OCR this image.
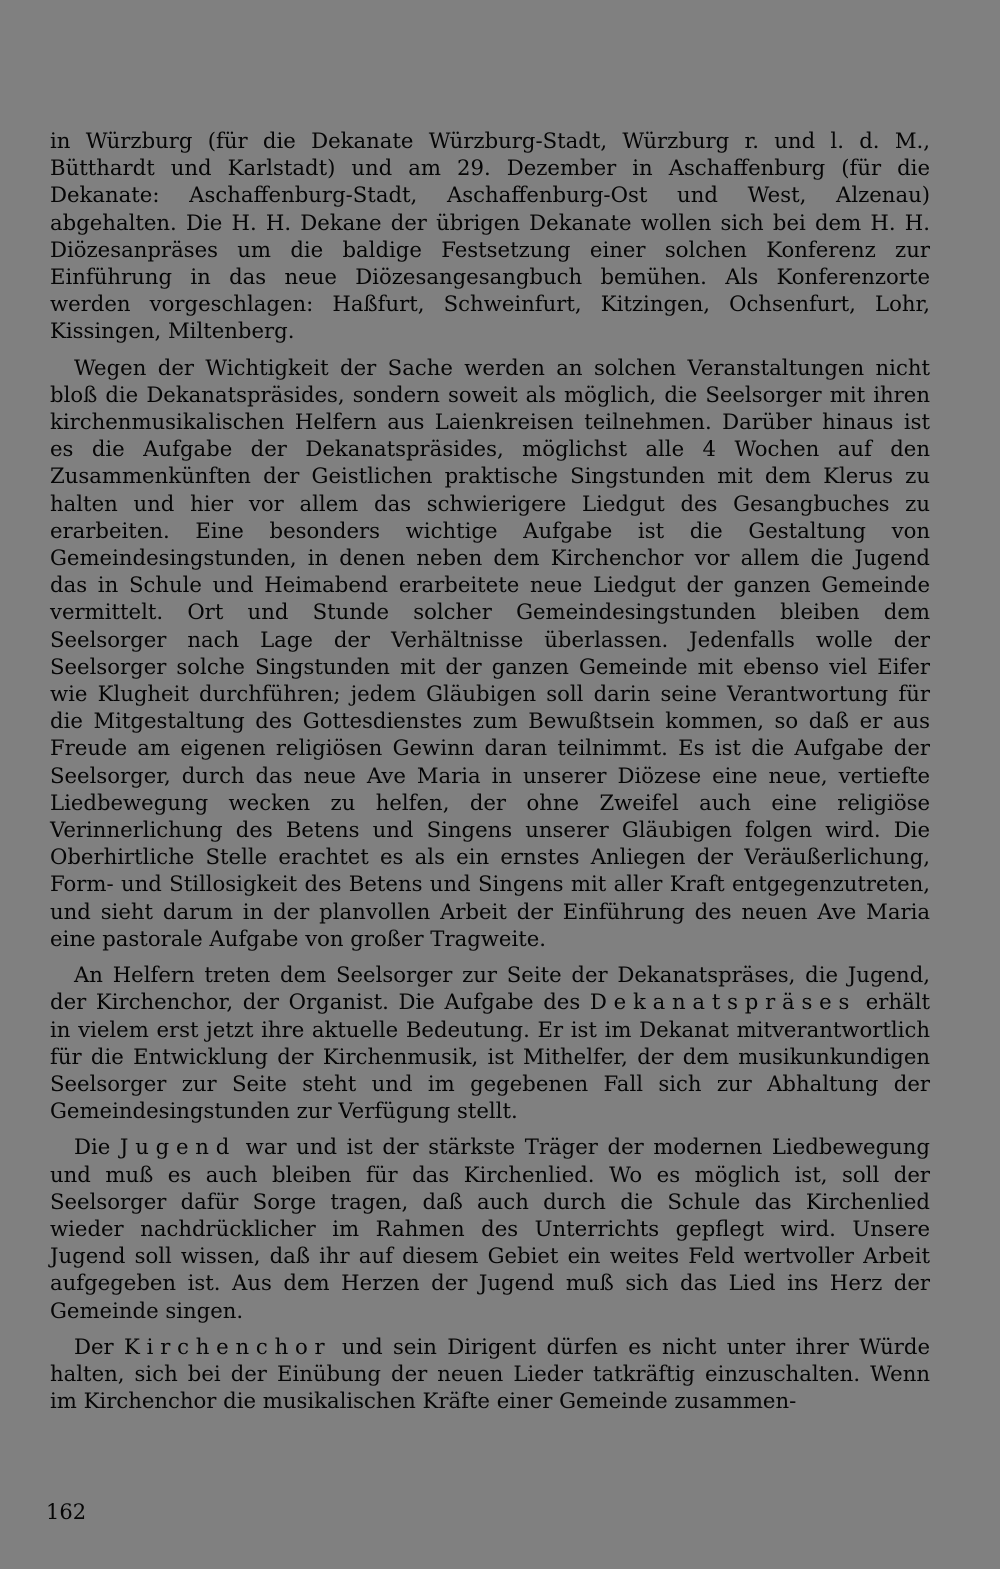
in Würzburg (für die Dekanate Würzburg-Stadt, Würzburg r. und l. d. M., Bütthardt und Karlstadt) und am 29. Dezember in Aschaffenburg (für die Dekanate: Aschaffenburg-Stadt, Aschaffenburg-Ost und West, Alzenau) abgehalten. Die H. H. Dekane der übrigen Dekanate wollen sich bei dem H. H. Diözesanpräses um die baldige Festsetzung einer solchen Konferenz zur Einführung in das neue Diözesangesangbuch bemühen. Als Konferenzorte werden vorgeschlagen: Haßfurt, Schweinfurt, Kitzingen, Ochsenfurt, Lohr, Kissingen, Miltenberg.

Wegen der Wichtigkeit der Sache werden an solchen Veranstaltungen nicht bloß die Dekanatspräsides, sondern soweit als möglich, die Seelsorger mit ihren kirchenmusikalischen Helfern aus Laienkreisen teilnehmen. Darüber hinaus ist es die Aufgabe der Dekanatspräsides, möglichst alle 4 Wochen auf den Zusammenkünften der Geistlichen praktische Singstunden mit dem Klerus zu halten und hier vor allem das schwierigere Liedgut des Gesangbuches zu erarbeiten. Eine besonders wichtige Aufgabe ist die Gestaltung von Gemeindesingstunden, in denen neben dem Kirchenchor vor allem die Jugend das in Schule und Heimabend erarbeitete neue Liedgut der ganzen Gemeinde vermittelt. Ort und Stunde solcher Gemeindesingstunden bleiben dem Seelsorger nach Lage der Verhältnisse überlassen. Jedenfalls wolle der Seelsorger solche Singstunden mit der ganzen Gemeinde mit ebenso viel Eifer wie Klugheit durchführen; jedem Gläubigen soll darin seine Verantwortung für die Mitgestaltung des Gottesdienstes zum Bewußtsein kommen, so daß er aus Freude am eigenen religiösen Gewinn daran teilnimmt. Es ist die Aufgabe der Seelsorger, durch das neue Ave Maria in unserer Diözese eine neue, vertiefte Liedbewegung wecken zu helfen, der ohne Zweifel auch eine religiöse Verinnerlichung des Betens und Singens unserer Gläubigen folgen wird. Die Oberhirtliche Stelle erachtet es als ein ernstes Anliegen der Veräußerlichung, Form- und Stillosigkeit des Betens und Singens mit aller Kraft entgegenzutreten, und sieht darum in der planvollen Arbeit der Einführung des neuen Ave Maria eine pastorale Aufgabe von großer Tragweite.

An Helfern treten dem Seelsorger zur Seite der Dekanatspräses, die Jugend, der Kirchenchor, der Organist. Die Aufgabe des Dekanatspräses erhält in vielem erst jetzt ihre aktuelle Bedeutung. Er ist im Dekanat mitverantwortlich für die Entwicklung der Kirchenmusik, ist Mithelfer, der dem musikunkundigen Seelsorger zur Seite steht und im gegebenen Fall sich zur Abhaltung der Gemeindesingstunden zur Verfügung stellt.

Die Jugend war und ist der stärkste Träger der modernen Liedbewegung und muß es auch bleiben für das Kirchenlied. Wo es möglich ist, soll der Seelsorger dafür Sorge tragen, daß auch durch die Schule das Kirchenlied wieder nachdrücklicher im Rahmen des Unterrichts gepflegt wird. Unsere Jugend soll wissen, daß ihr auf diesem Gebiet ein weites Feld wertvoller Arbeit aufgegeben ist. Aus dem Herzen der Jugend muß sich das Lied ins Herz der Gemeinde singen.

Der Kirchenchor und sein Dirigent dürfen es nicht unter ihrer Würde halten, sich bei der Einübung der neuen Lieder tatkräftig einzuschalten. Wenn im Kirchenchor die musikalischen Kräfte einer Gemeinde zusammen-

162
